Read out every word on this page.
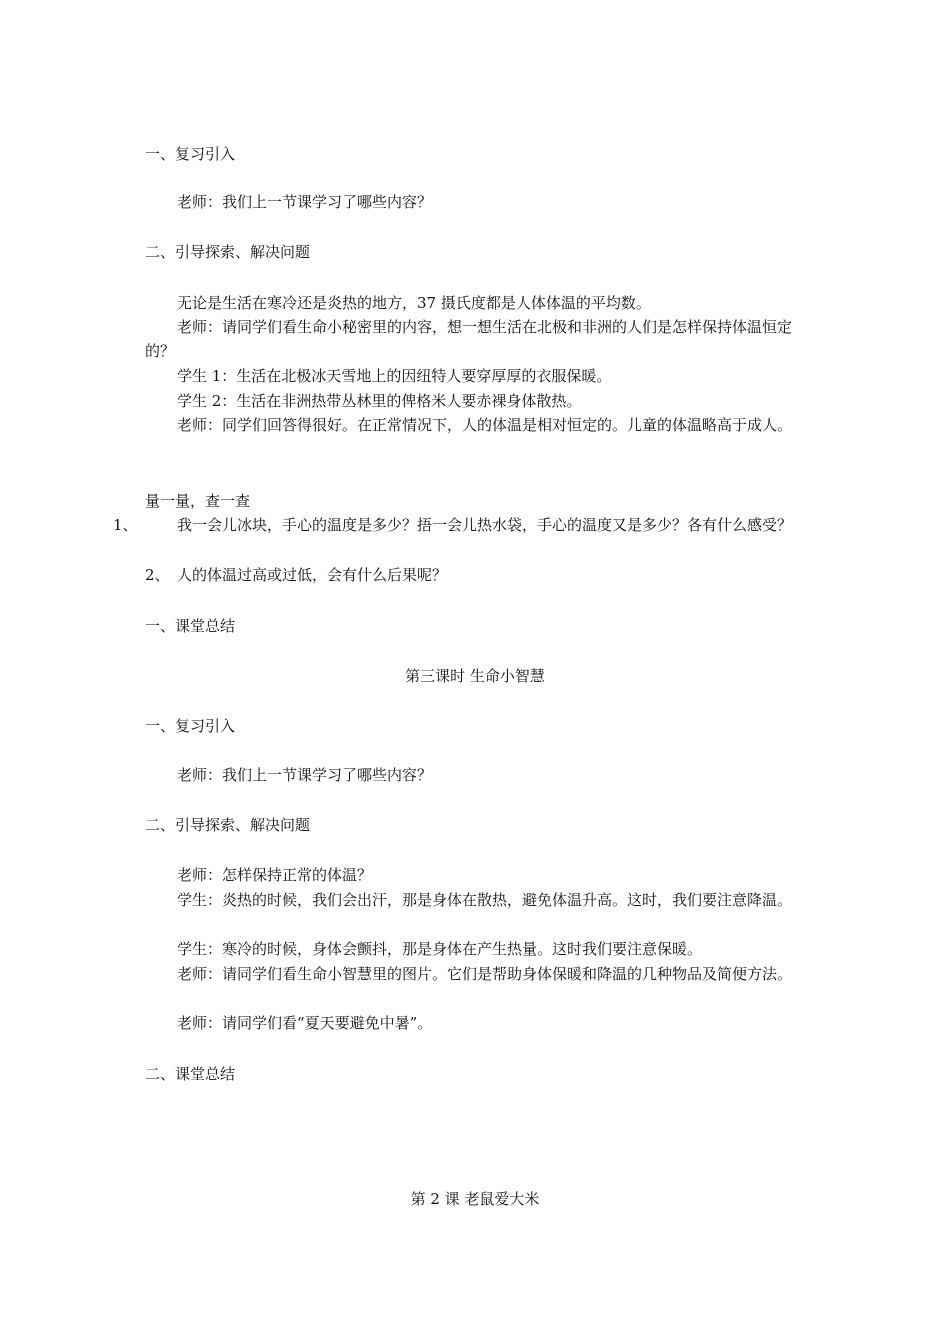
一、复习引入
老师：我们上一节课学习了哪些内容？
二、引导探索、解决问题
无论是生活在寒冷还是炎热的地方，37 摄氏度都是人体体温的平均数。
老师：请同学们看生命小秘密里的内容，想一想生活在北极和非洲的人们是怎样保持体温恒定的？
学生 1：生活在北极冰天雪地上的因纽特人要穿厚厚的衣服保暖。
学生 2：生活在非洲热带丛林里的俾格米人要赤裸身体散热。
老师：同学们回答得很好。在正常情况下，人的体温是相对恒定的。儿童的体温略高于成人。
量一量，查一查
1、	我一会儿冰块，手心的温度是多少？捂一会儿热水袋，手心的温度又是多少？各有什么感受？
2、 人的体温过高或过低，会有什么后果呢？
一、课堂总结
第三课时 生命小智慧
一、复习引入
老师：我们上一节课学习了哪些内容？
二、引导探索、解决问题
老师：怎样保持正常的体温？
学生：炎热的时候，我们会出汗，那是身体在散热，避免体温升高。这时，我们要注意降温。
学生：寒冷的时候，身体会颤抖，那是身体在产生热量。这时我们要注意保暖。
老师：请同学们看生命小智慧里的图片。它们是帮助身体保暖和降温的几种物品及简便方法。
老师：请同学们看“夏天要避免中暑”。
二、课堂总结
第 2 课 老鼠爱大米
